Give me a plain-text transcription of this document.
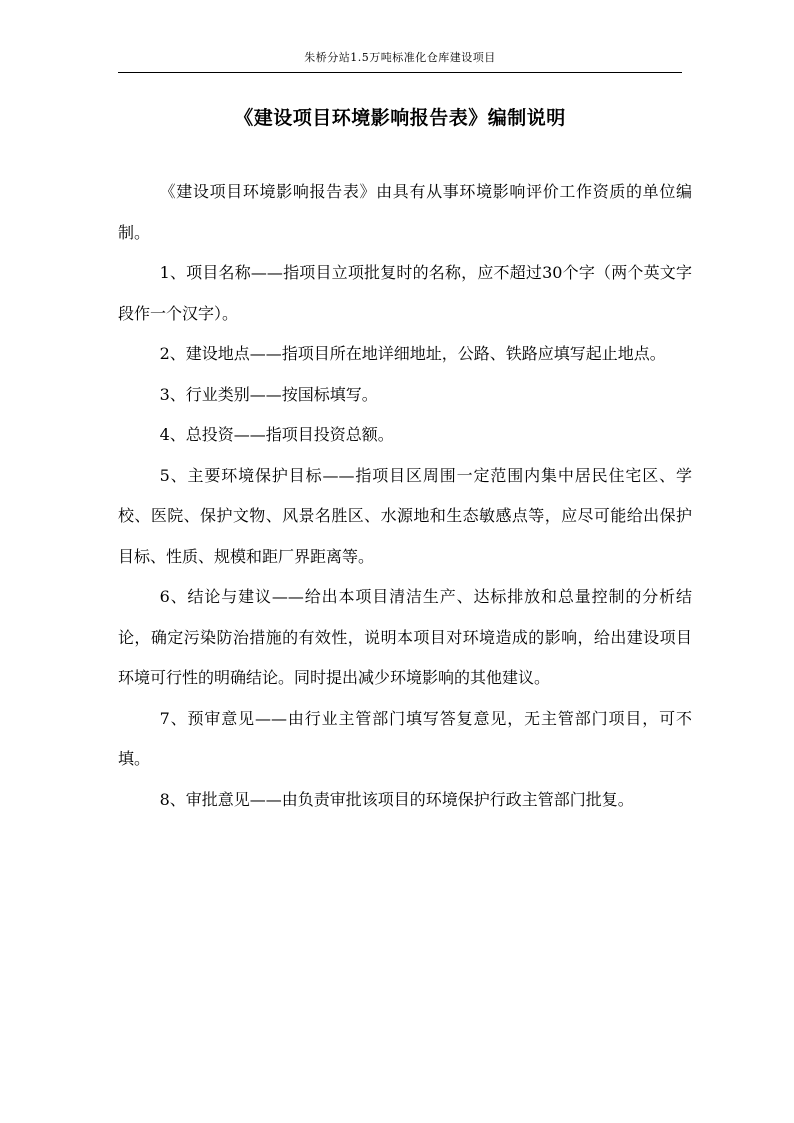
朱桥分站1.5万吨标准化仓库建设项目
《建设项目环境影响报告表》编制说明

《建设项目环境影响报告表》由具有从事环境影响评价工作资质的单位编制。

1、项目名称——指项目立项批复时的名称，应不超过30个字（两个英文字段作一个汉字）。

2、建设地点——指项目所在地详细地址，公路、铁路应填写起止地点。

3、行业类别——按国标填写。

4、总投资——指项目投资总额。

5、主要环境保护目标——指项目区周围一定范围内集中居民住宅区、学校、医院、保护文物、风景名胜区、水源地和生态敏感点等，应尽可能给出保护目标、性质、规模和距厂界距离等。

6、结论与建议——给出本项目清洁生产、达标排放和总量控制的分析结论，确定污染防治措施的有效性，说明本项目对环境造成的影响，给出建设项目环境可行性的明确结论。同时提出减少环境影响的其他建议。

7、预审意见——由行业主管部门填写答复意见，无主管部门项目，可不填。

8、审批意见——由负责审批该项目的环境保护行政主管部门批复。
